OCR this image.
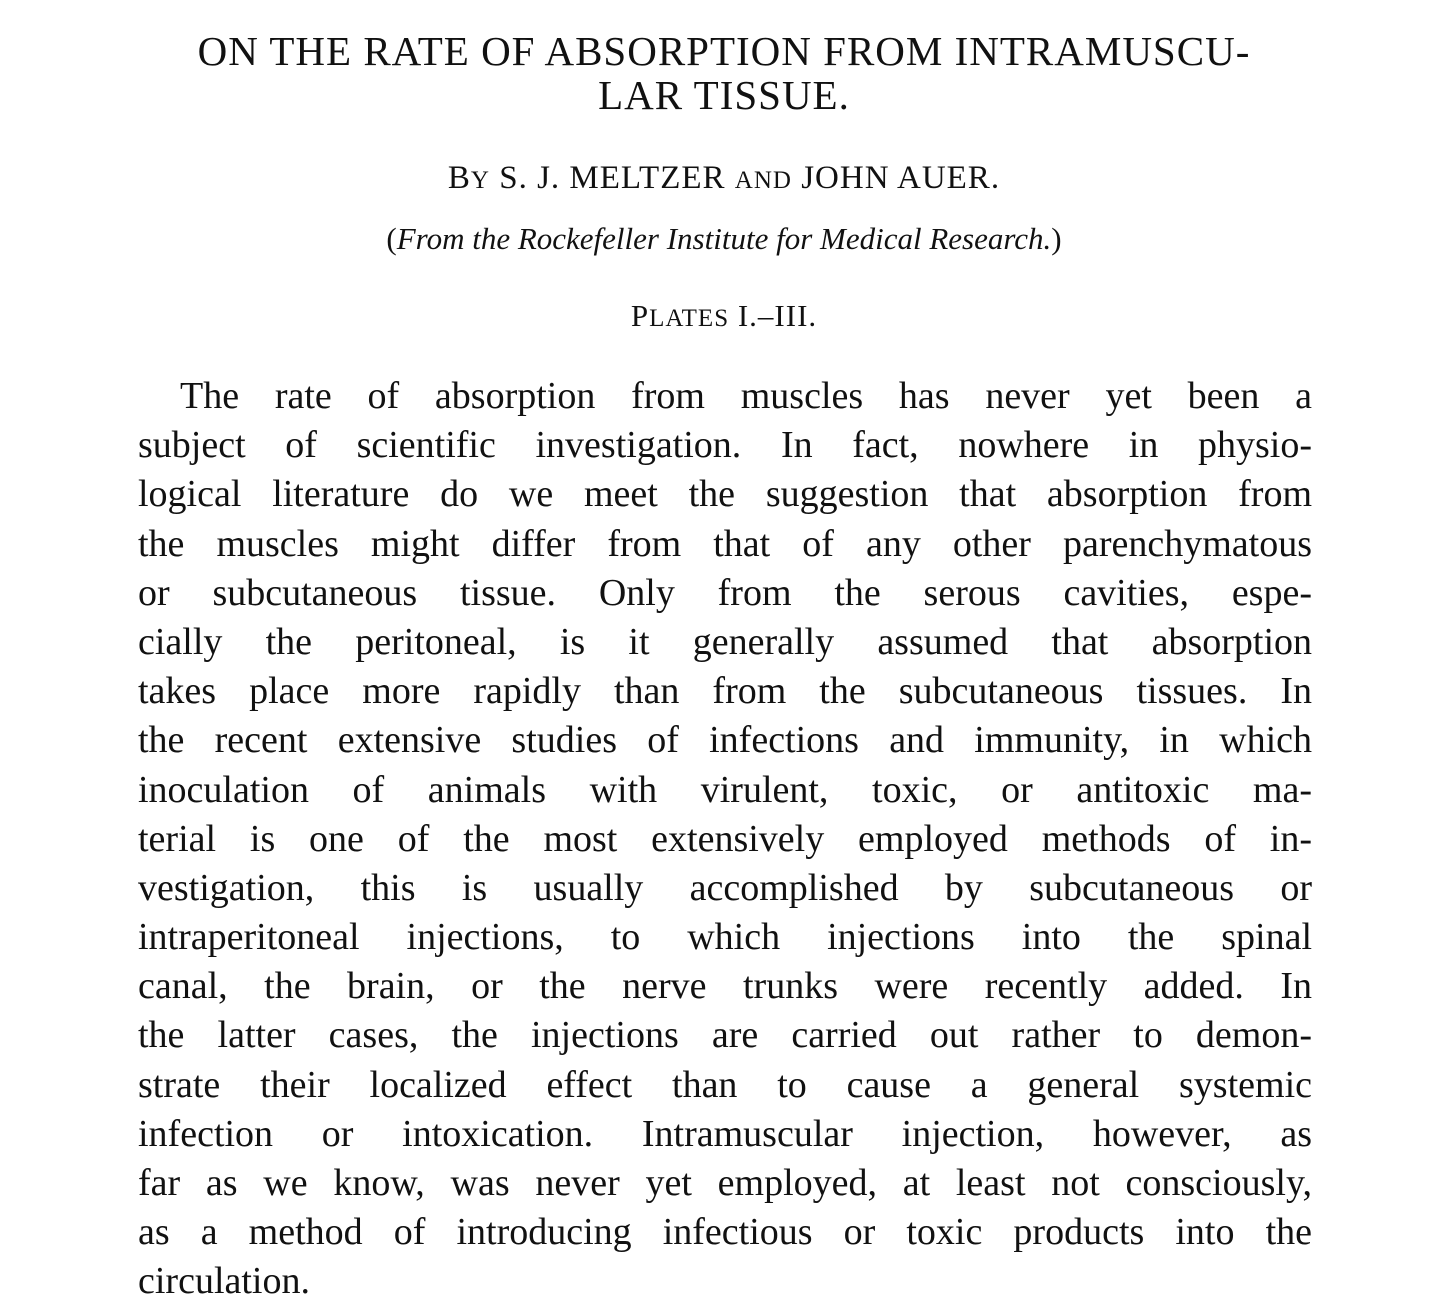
ON THE RATE OF ABSORPTION FROM INTRAMUSCU-
LAR TISSUE.
BY S. J. MELTZER AND JOHN AUER.
(From the Rockefeller Institute for Medical Research.)
PLATES I.–III.
The rate of absorption from muscles has never yet been a
subject of scientific investigation. In fact, nowhere in physio-
logical literature do we meet the suggestion that absorption from
the muscles might differ from that of any other parenchymatous
or subcutaneous tissue. Only from the serous cavities, espe-
cially the peritoneal, is it generally assumed that absorption
takes place more rapidly than from the subcutaneous tissues. In
the recent extensive studies of infections and immunity, in which
inoculation of animals with virulent, toxic, or antitoxic ma-
terial is one of the most extensively employed methods of in-
vestigation, this is usually accomplished by subcutaneous or
intraperitoneal injections, to which injections into the spinal
canal, the brain, or the nerve trunks were recently added. In
the latter cases, the injections are carried out rather to demon-
strate their localized effect than to cause a general systemic
infection or intoxication. Intramuscular injection, however, as
far as we know, was never yet employed, at least not consciously,
as a method of introducing infectious or toxic products into the
circulation.
